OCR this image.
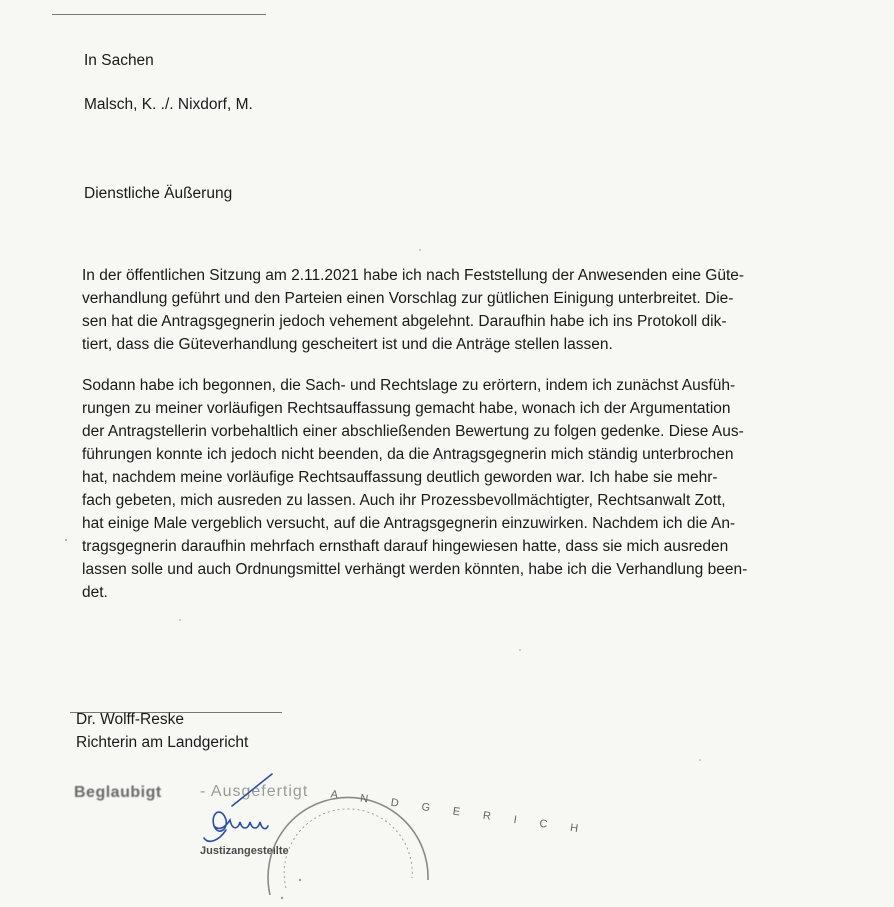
In Sachen
Malsch, K. ./. Nixdorf, M.
Dienstliche Äußerung
In der öffentlichen Sitzung am 2.11.2021 habe ich nach Feststellung der Anwesenden eine Güte-
verhandlung geführt und den Parteien einen Vorschlag zur gütlichen Einigung unterbreitet. Die-
sen hat die Antragsgegnerin jedoch vehement abgelehnt. Daraufhin habe ich ins Protokoll dik-
tiert, dass die Güteverhandlung gescheitert ist und die Anträge stellen lassen.
Sodann habe ich begonnen, die Sach- und Rechtslage zu erörtern, indem ich zunächst Ausfüh-
rungen zu meiner vorläufigen Rechtsauffassung gemacht habe, wonach ich der Argumentation
der Antragstellerin vorbehaltlich einer abschließenden Bewertung zu folgen gedenke. Diese Aus-
führungen konnte ich jedoch nicht beenden, da die Antragsgegnerin mich ständig unterbrochen
hat, nachdem meine vorläufige Rechtsauffassung deutlich geworden war. Ich habe sie mehr-
fach gebeten, mich ausreden zu lassen. Auch ihr Prozessbevollmächtigter, Rechtsanwalt Zott,
hat einige Male vergeblich versucht, auf die Antragsgegnerin einzuwirken. Nachdem ich die An-
tragsgegnerin daraufhin mehrfach ernsthaft darauf hingewiesen hatte, dass sie mich ausreden
lassen solle und auch Ordnungsmittel verhängt werden könnten, habe ich die Verhandlung been-
det.
Dr. Wolff-Reske
Richterin am Landgericht
Beglaubigt - Ausgefertigt
Justizangestellte
A N D G E R I C H
